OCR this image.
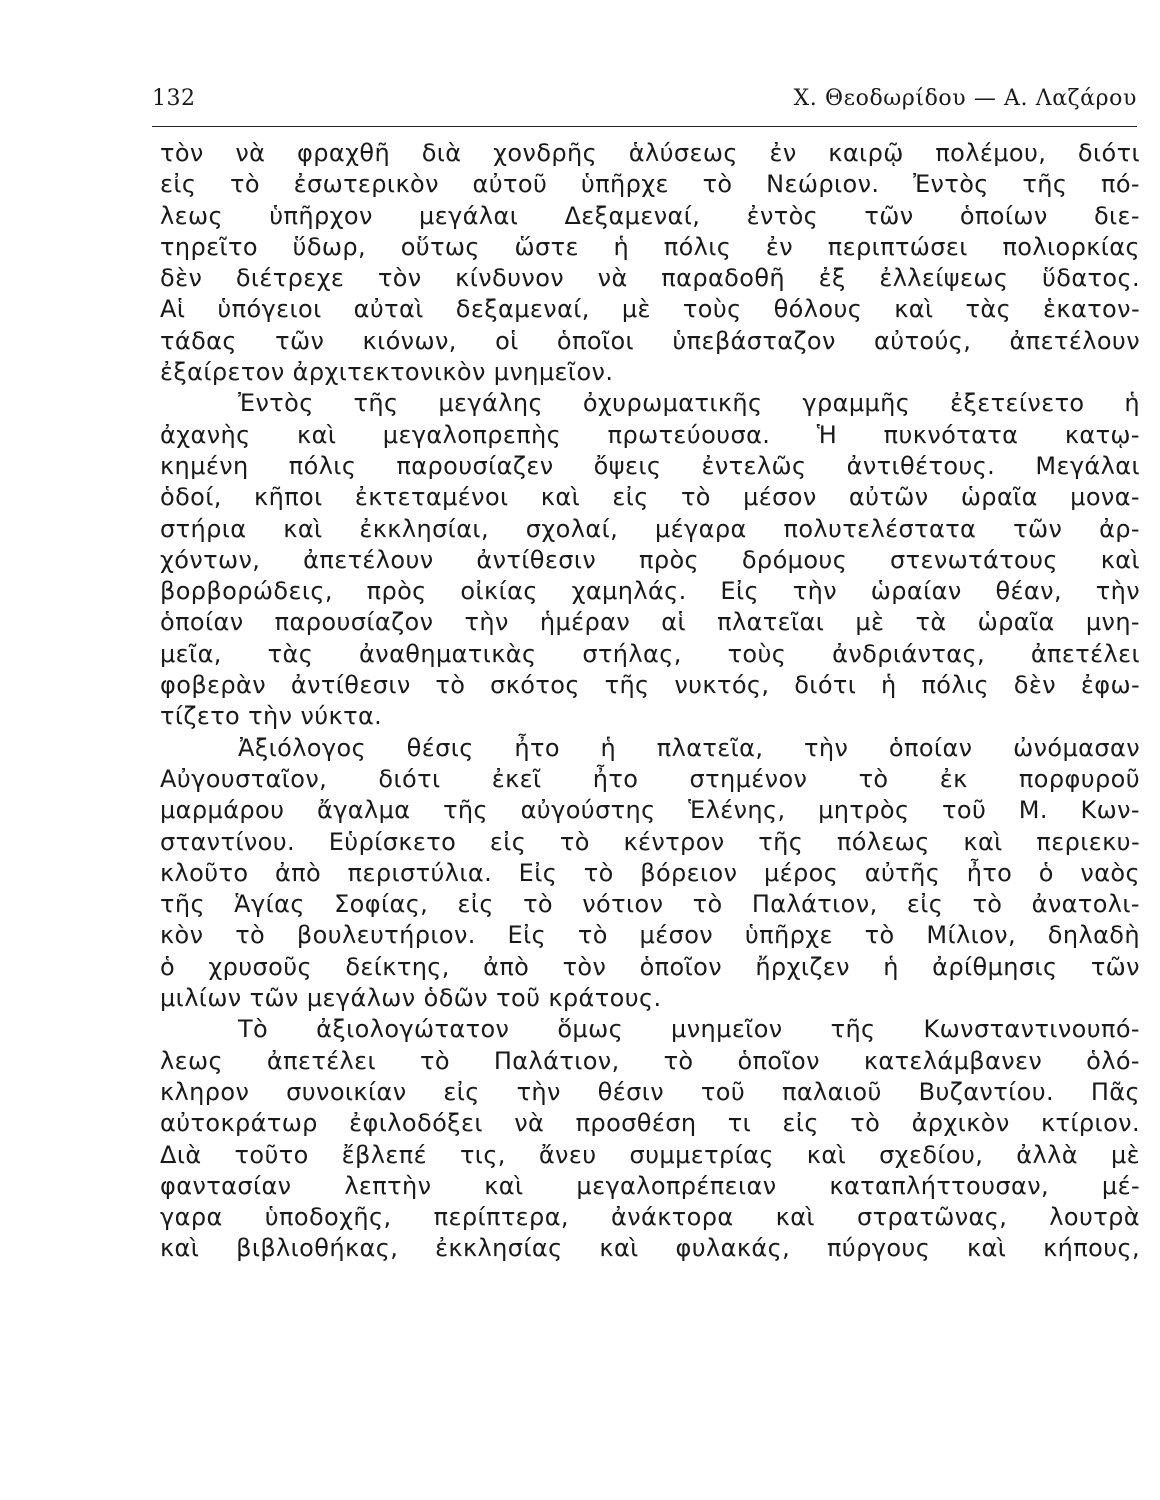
132	Χ. Θεοδωρίδου — Α. Λαζάρου
τὸν νὰ φραχθῆ διὰ χονδρῆς ἁλύσεως ἐν καιρῷ πολέμου, διότι
εἰς τὸ ἐσωτερικὸν αὐτοῦ ὑπῆρχε τὸ Νεώριον. Ἐντὸς τῆς πό-
λεως ὑπῆρχον μεγάλαι Δεξαμεναί, ἐντὸς τῶν ὁποίων διε-
τηρεῖτο ὕδωρ, οὕτως ὥστε ἡ πόλις ἐν περιπτώσει πολιορκίας
δὲν διέτρεχε τὸν κίνδυνον νὰ παραδοθῆ ἐξ ἐλλείψεως ὕδατος.
Αἱ ὑπόγειοι αὐταὶ δεξαμεναί, μὲ τοὺς θόλους καὶ τὰς ἑκατον-
τάδας τῶν κιόνων, οἱ ὁποῖοι ὑπεβάσταζον αὐτούς, ἀπετέλουν
ἐξαίρετον ἀρχιτεκτονικὸν μνημεῖον.
Ἐντὸς τῆς μεγάλης ὀχυρωματικῆς γραμμῆς ἐξετείνετο ἡ
ἀχανὴς καὶ μεγαλοπρεπὴς πρωτεύουσα. Ἡ πυκνότατα κατῳ-
κημένη πόλις παρουσίαζεν ὄψεις ἐντελῶς ἀντιθέτους. Μεγάλαι
ὁδοί, κῆποι ἐκτεταμένοι καὶ εἰς τὸ μέσον αὐτῶν ὡραῖα μονα-
στήρια καὶ ἐκκλησίαι, σχολαί, μέγαρα πολυτελέστατα τῶν ἀρ-
χόντων, ἀπετέλουν ἀντίθεσιν πρὸς δρόμους στενωτάτους καὶ
βορβορώδεις, πρὸς οἰκίας χαμηλάς. Εἰς τὴν ὡραίαν θέαν, τὴν
ὁποίαν παρουσίαζον τὴν ἡμέραν αἱ πλατεῖαι μὲ τὰ ὡραῖα μνη-
μεῖα, τὰς ἀναθηματικὰς στήλας, τοὺς ἀνδριάντας, ἀπετέλει
φοβερὰν ἀντίθεσιν τὸ σκότος τῆς νυκτός, διότι ἡ πόλις δὲν ἐφω-
τίζετο τὴν νύκτα.
Ἀξιόλογος θέσις ἦτο ἡ πλατεῖα, τὴν ὁποίαν ὠνόμασαν
Αὐγουσταῖον, διότι ἐκεῖ ἦτο στημένον τὸ ἐκ πορφυροῦ
μαρμάρου ἄγαλμα τῆς αὐγούστης Ἑλένης, μητρὸς τοῦ Μ. Κων-
σταντίνου. Εὑρίσκετο εἰς τὸ κέντρον τῆς πόλεως καὶ περιεκυ-
κλοῦτο ἀπὸ περιστύλια. Εἰς τὸ βόρειον μέρος αὐτῆς ἦτο ὁ ναὸς
τῆς Ἁγίας Σοφίας, εἰς τὸ νότιον τὸ Παλάτιον, εἰς τὸ ἀνατολι-
κὸν τὸ βουλευτήριον. Εἰς τὸ μέσον ὑπῆρχε τὸ Μίλιον, δηλαδὴ
ὁ χρυσοῦς δείκτης, ἀπὸ τὸν ὁποῖον ἤρχιζεν ἡ ἀρίθμησις τῶν
μιλίων τῶν μεγάλων ὁδῶν τοῦ κράτους.
Τὸ ἀξιολογώτατον ὅμως μνημεῖον τῆς Κωνσταντινουπό-
λεως ἀπετέλει τὸ Παλάτιον, τὸ ὁποῖον κατελάμβανεν ὁλό-
κληρον συνοικίαν εἰς τὴν θέσιν τοῦ παλαιοῦ Βυζαντίου. Πᾶς
αὐτοκράτωρ ἐφιλοδόξει νὰ προσθέση τι εἰς τὸ ἀρχικὸν κτίριον.
Διὰ τοῦτο ἔβλεπέ τις, ἄνευ συμμετρίας καὶ σχεδίου, ἀλλὰ μὲ
φαντασίαν λεπτὴν καὶ μεγαλοπρέπειαν καταπλήττουσαν, μέ-
γαρα ὑποδοχῆς, περίπτερα, ἀνάκτορα καὶ στρατῶνας, λουτρὰ
καὶ βιβλιοθήκας, ἐκκλησίας καὶ φυλακάς, πύργους καὶ κήπους,
